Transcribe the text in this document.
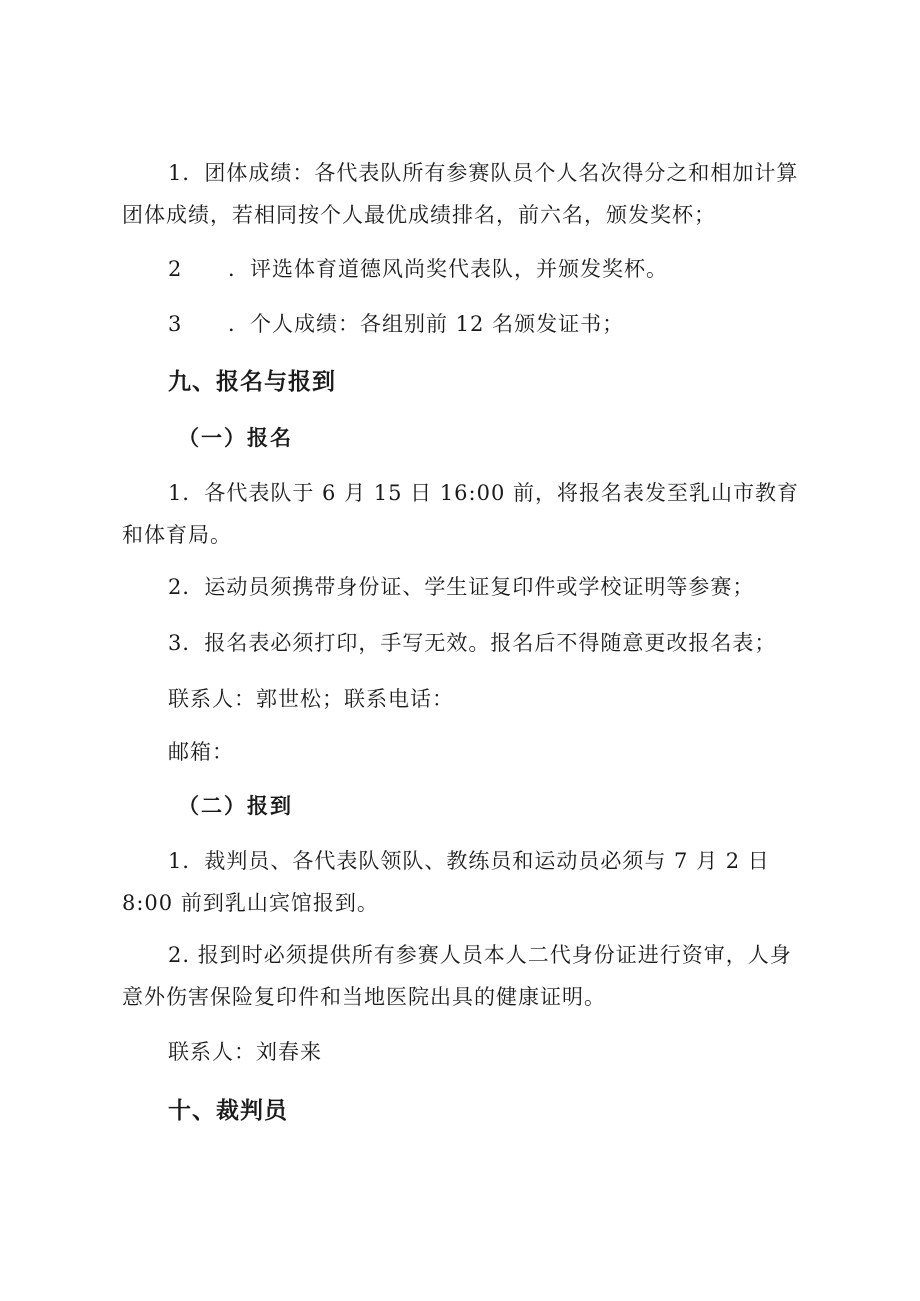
1．团体成绩：各代表队所有参赛队员个人名次得分之和相加计算团体成绩，若相同按个人最优成绩排名，前六名，颁发奖杯；

2 ．评选体育道德风尚奖代表队，并颁发奖杯。

3 ．个人成绩：各组别前 12 名颁发证书；

九、报名与报到
（一）报名

1．各代表队于 6 月 15 日 16:00 前，将报名表发至乳山市教育和体育局。

2．运动员须携带身份证、学生证复印件或学校证明等参赛；

3．报名表必须打印，手写无效。报名后不得随意更改报名表；

联系人：郭世松；联系电话：

邮箱：

（二）报到

1．裁判员、各代表队领队、教练员和运动员必须与 7 月 2 日 8:00 前到乳山宾馆报到。

2. 报到时必须提供所有参赛人员本人二代身份证进行资审，人身意外伤害保险复印件和当地医院出具的健康证明。

联系人：刘春来

十、裁判员
